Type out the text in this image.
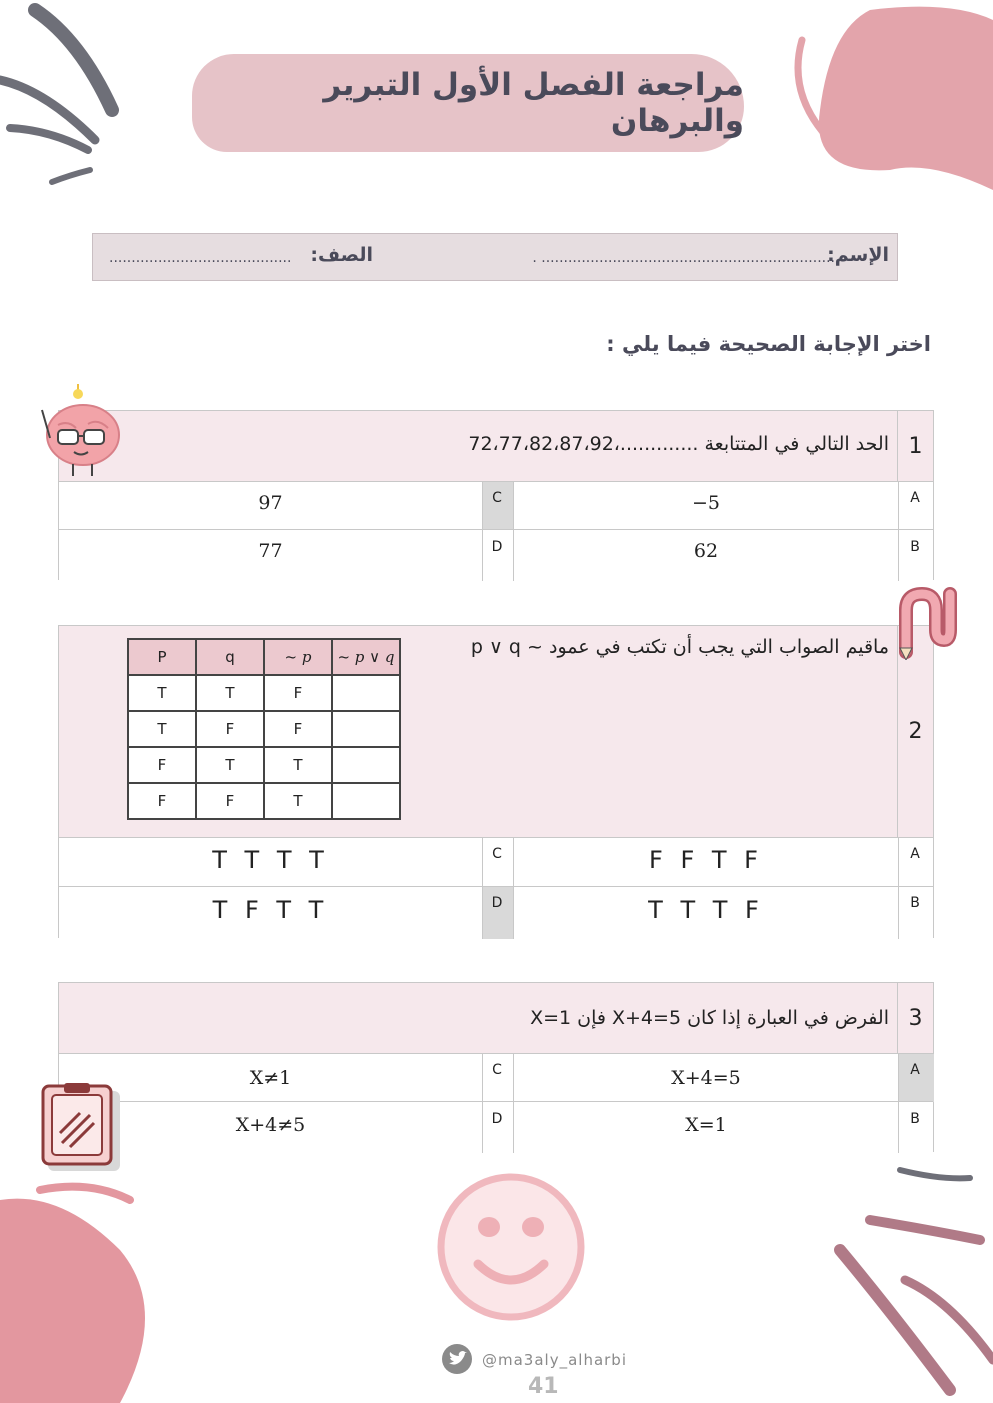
مراجعة الفصل الأول التبرير والبرهان
الإسم:
.................................................................. .
الصف:
.........................................
اختر الإجابة الصحيحة فيما يلي :
1
الحد التالي في المتتابعة .............،72،77،82،87،92
C	A
97	−5
D	B
77	62
2
ماقيم الصواب التي يجب أن تكتب في عمود ~ p ∨ q
P	q	~ p	~ p ∨ q
T	T	F	
T	F	F	
F	T	T	
F	F	T	
C	A
T T T T	F F T F
D	B
T F T T	T T T F
3
الفرض في العبارة إذا كان X+4=5 فإن X=1
C	A
X≠1	X+4=5
D	B
X+4≠5	X=1
@ma3aly_alharbi
41
